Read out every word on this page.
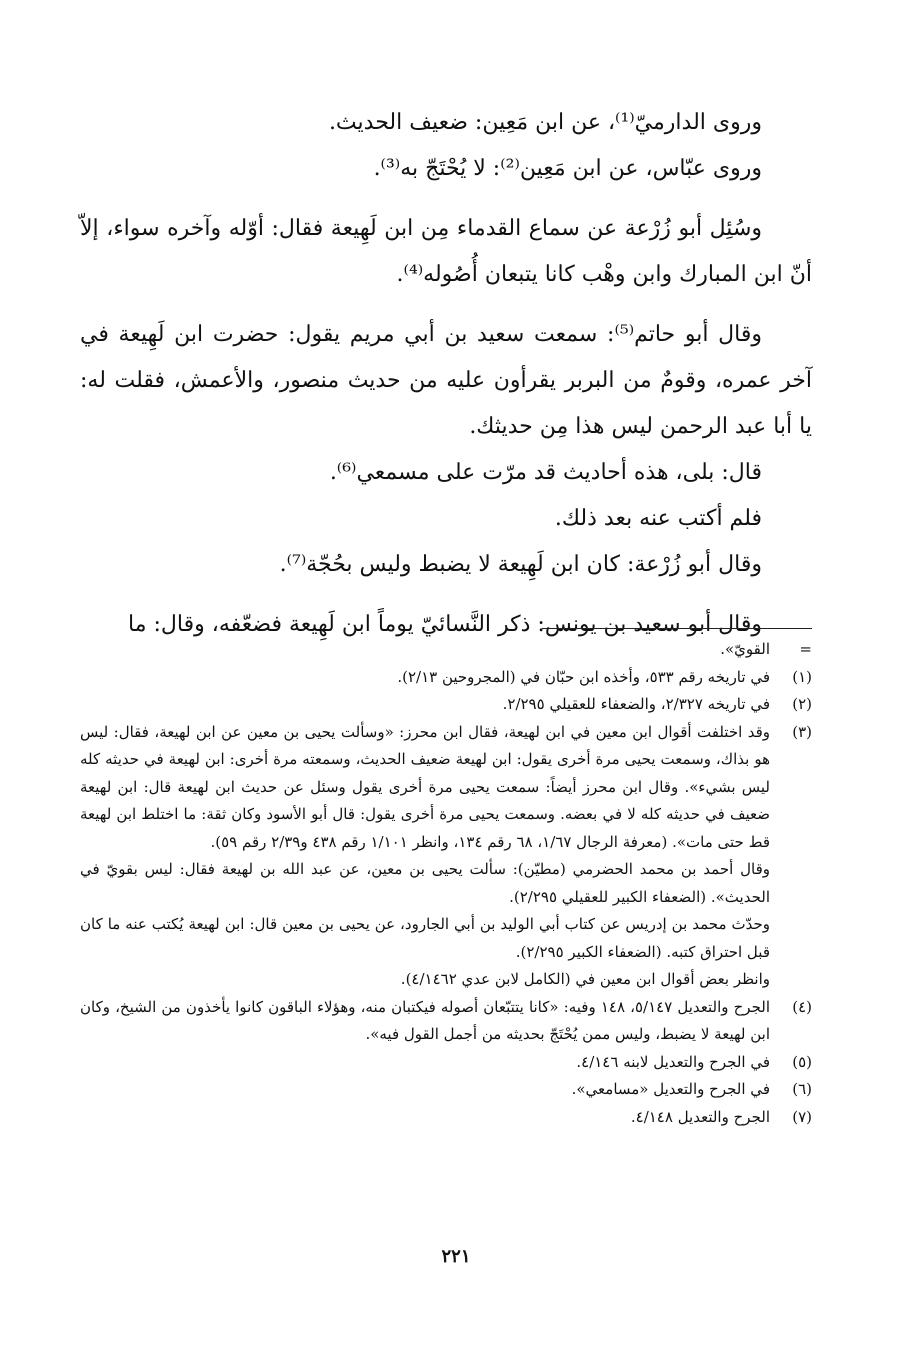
وروى الدارميّ⁽¹⁾، عن ابن مَعِين: ضعيف الحديث.

وروى عبّاس، عن ابن مَعِين⁽²⁾: لا يُحْتَجّ به⁽³⁾.

وسُئِل أبو زُرْعة عن سماع القدماء مِن ابن لَهِيعة فقال: أوّله وآخره سواء، إلاّ أنّ ابن المبارك وابن وهْب كانا يتبعان أُصُوله⁽⁴⁾.

وقال أبو حاتم⁽⁵⁾: سمعت سعيد بن أبي مريم يقول: حضرت ابن لَهِيعة في آخر عمره، وقومٌ من البربر يقرأون عليه من حديث منصور، والأعمش، فقلت له: يا أبا عبد الرحمن ليس هذا مِن حديثك.

قال: بلى، هذه أحاديث قد مرّت على مسمعي⁽⁶⁾.

فلم أكتب عنه بعد ذلك.

وقال أبو زُرْعة: كان ابن لَهِيعة لا يضبط وليس بحُجّة⁽⁷⁾.

وقال أبو سعيد بن يونس: ذكر النَّسائيّ يوماً ابن لَهِيعة فضعّفه، وقال: ما

=
القويّ».
(١)
في تاريخه رقم ٥٣٣، وأخذه ابن حبّان في (المجروحين ٢/١٣).
(٢)
في تاريخه ٢/٣٢٧، والضعفاء للعقيلي ٢/٢٩٥.
(٣)
وقد اختلفت أقوال ابن معين في ابن لهيعة، فقال ابن محرز: «وسألت يحيى بن معين عن ابن لهيعة، فقال: ليس هو بذاك، وسمعت يحيى مرة أخرى يقول: ابن لهيعة ضعيف الحديث، وسمعته مرة أخرى: ابن لهيعة في حديثه كله ليس بشيء». وقال ابن محرز أيضاً: سمعت يحيى مرة أخرى يقول وسئل عن حديث ابن لهيعة قال: ابن لهيعة ضعيف في حديثه كله لا في بعضه. وسمعت يحيى مرة أخرى يقول: قال أبو الأسود وكان ثقة: ما اختلط ابن لهيعة قط حتى مات». (معرفة الرجال ١/٦٧، ٦٨ رقم ١٣٤، وانظر ١/١٠١ رقم ٤٣٨ و٢/٣٩ رقم ٥٩).
وقال أحمد بن محمد الحضرمي (مطيّن): سألت يحيى بن معين، عن عبد الله بن لهيعة فقال: ليس بقويّ في الحديث». (الضعفاء الكبير للعقيلي ٢/٢٩٥).
وحدّث محمد بن إدريس عن كتاب أبي الوليد بن أبي الجارود، عن يحيى بن معين قال: ابن لهيعة يُكتب عنه ما كان قبل احتراق كتبه. (الضعفاء الكبير ٢/٢٩٥).
وانظر بعض أقوال ابن معين في (الكامل لابن عدي ٤/١٤٦٢).
(٤)
الجرح والتعديل ٥/١٤٧، ١٤٨ وفيه: «كانا يتتبّعان أصوله فيكتبان منه، وهؤلاء الباقون كانوا يأخذون من الشيخ، وكان ابن لهيعة لا يضبط، وليس ممن يُحْتَجّ بحديثه من أجمل القول فيه».
(٥)
في الجرح والتعديل لابنه ٤/١٤٦.
(٦)
في الجرح والتعديل «مسامعي».
(٧)
الجرح والتعديل ٤/١٤٨.
٢٢١
